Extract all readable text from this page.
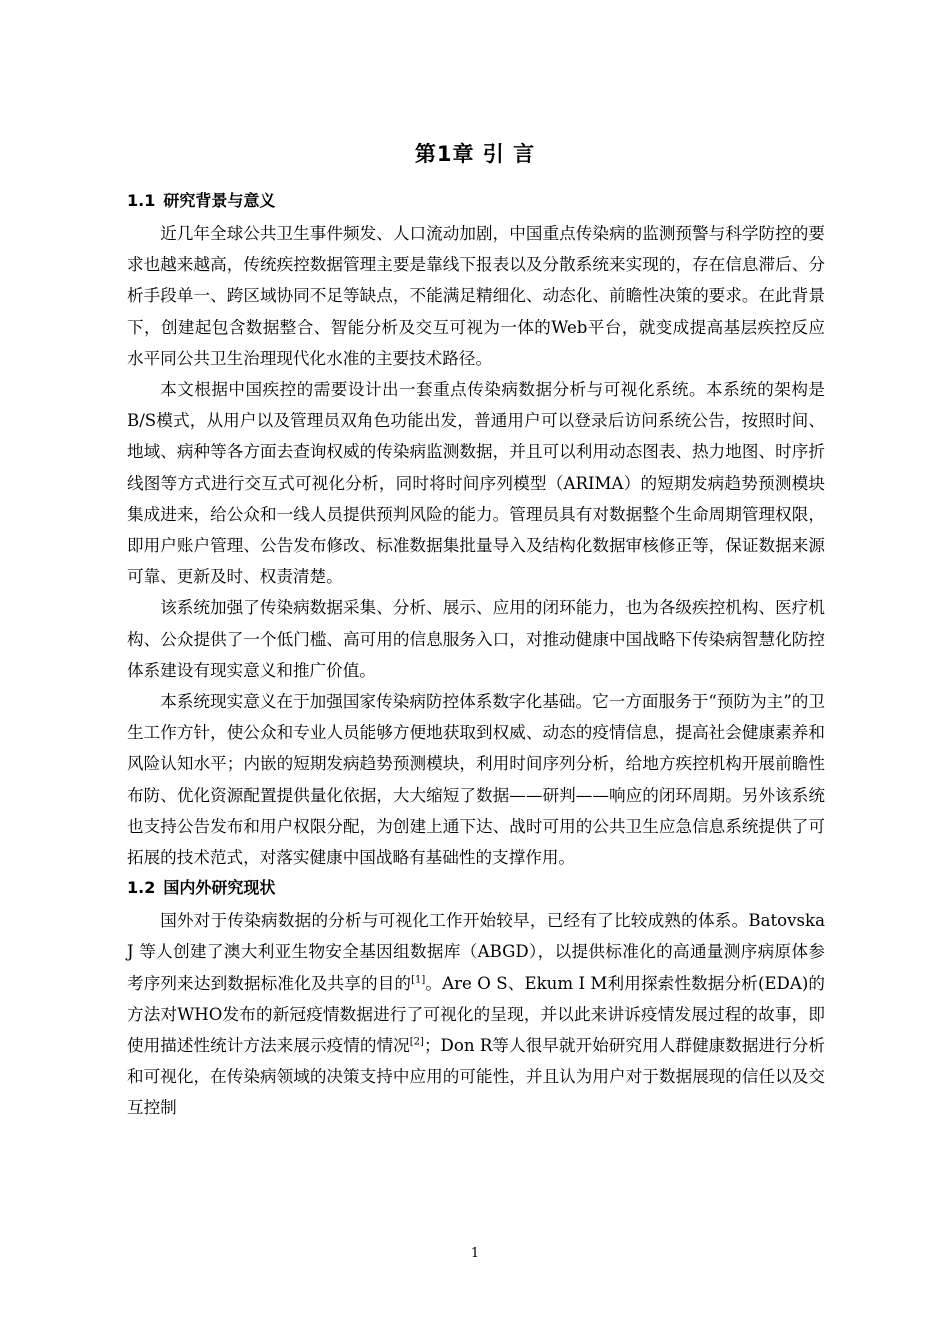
第1章 引 言
1.1 研究背景与意义

近几年全球公共卫生事件频发、人口流动加剧，中国重点传染病的监测预警与科学防控的要求也越来越高，传统疾控数据管理主要是靠线下报表以及分散系统来实现的，存在信息滞后、分析手段单一、跨区域协同不足等缺点，不能满足精细化、动态化、前瞻性决策的要求。在此背景下，创建起包含数据整合、智能分析及交互可视为一体的Web平台，就变成提高基层疾控反应水平同公共卫生治理现代化水准的主要技术路径。

本文根据中国疾控的需要设计出一套重点传染病数据分析与可视化系统。本系统的架构是B/S模式，从用户以及管理员双角色功能出发，普通用户可以登录后访问系统公告，按照时间、地域、病种等各方面去查询权威的传染病监测数据，并且可以利用动态图表、热力地图、时序折线图等方式进行交互式可视化分析，同时将时间序列模型（ARIMA）的短期发病趋势预测模块集成进来，给公众和一线人员提供预判风险的能力。管理员具有对数据整个生命周期管理权限，即用户账户管理、公告发布修改、标准数据集批量导入及结构化数据审核修正等，保证数据来源可靠、更新及时、权责清楚。

该系统加强了传染病数据采集、分析、展示、应用的闭环能力，也为各级疾控机构、医疗机构、公众提供了一个低门槛、高可用的信息服务入口，对推动健康中国战略下传染病智慧化防控体系建设有现实意义和推广价值。

本系统现实意义在于加强国家传染病防控体系数字化基础。它一方面服务于“预防为主”的卫生工作方针，使公众和专业人员能够方便地获取到权威、动态的疫情信息，提高社会健康素养和风险认知水平；内嵌的短期发病趋势预测模块，利用时间序列分析，给地方疾控机构开展前瞻性布防、优化资源配置提供量化依据，大大缩短了数据——研判——响应的闭环周期。另外该系统也支持公告发布和用户权限分配，为创建上通下达、战时可用的公共卫生应急信息系统提供了可拓展的技术范式，对落实健康中国战略有基础性的支撑作用。

1.2 国内外研究现状

国外对于传染病数据的分析与可视化工作开始较早，已经有了比较成熟的体系。Batovska J 等人创建了澳大利亚生物安全基因组数据库（ABGD），以提供标准化的高通量测序病原体参考序列来达到数据标准化及共享的目的[1]。Are O S、Ekum I M利用探索性数据分析(EDA)的方法对WHO发布的新冠疫情数据进行了可视化的呈现，并以此来讲诉疫情发展过程的故事，即使用描述性统计方法来展示疫情的情况[2]；Don R等人很早就开始研究用人群健康数据进行分析和可视化，在传染病领域的决策支持中应用的可能性，并且认为用户对于数据展现的信任以及交互控制

1
